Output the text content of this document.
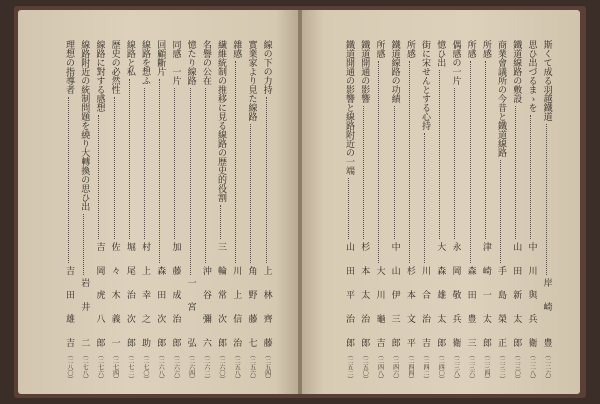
線の下の力持
上　林　齊　藤
（二五四）
實業家より見た線路
角　野　藤　七
（二五六）
雜感
川　上　信　治
（二五八）
繊維統制の推移に見る線路の歴史的役割
三　輪　常　次　郎
（二六〇）
名譽の公在
沖　谷　彌　六
（二六二）
憶たり線路
一　宮　　弘
（二六四）
同感　一片
加　藤　成　治　郎
（二六六）
回顧斷片
森　田　次　郎
（二六八）
線路を想ふ
村　上　幸　之　助
（二七〇）
線路と私
堀　尾　治　次　郎
（二七二）
歴史の必然性
佐　々　木　義　一
（二七四）
線路に對する感想
吉　岡　虎　八　郎
（二七六）
線路附近の統制問題を繞り大轉換の思ひ出
岩　井　　二
（二七八）
理想の指導者
吉　田　雄　吉
（二八〇）
斯くて成る羽越鐵道
岸　崎　　豊
（二二六）
思ひ出づるまゝを
中　川　與　兵　衛
（二二八）
鐵道線路の敷設
山　田　新　太　郎
（二三〇）
商業會議所の今昔と鐵道線路
手　島　榮　正
（二三二）
所感
津　崎　一　太　郎
（二三四）
所感
森　田　豊　三
（二三六）
偶感の一片
永　岡　敬　兵　衛
（二三八）
憶ひ出
大　森　雄　太　郎
（二四〇）
街に宋せんとする心持
川　合　治　吉
（二四二）
所感
杉　本　文　平
（二四四）
鐵道線路の功績
中　山　伊　三　郎
（二四六）
所感
大　川　龜　吉
（二四八）
鐵道開通の影響
杉　本　太　治　郎
（二五〇）
鐵道開通の影響と線路附近の一端
山　田　平　治　郎
（二五二）
